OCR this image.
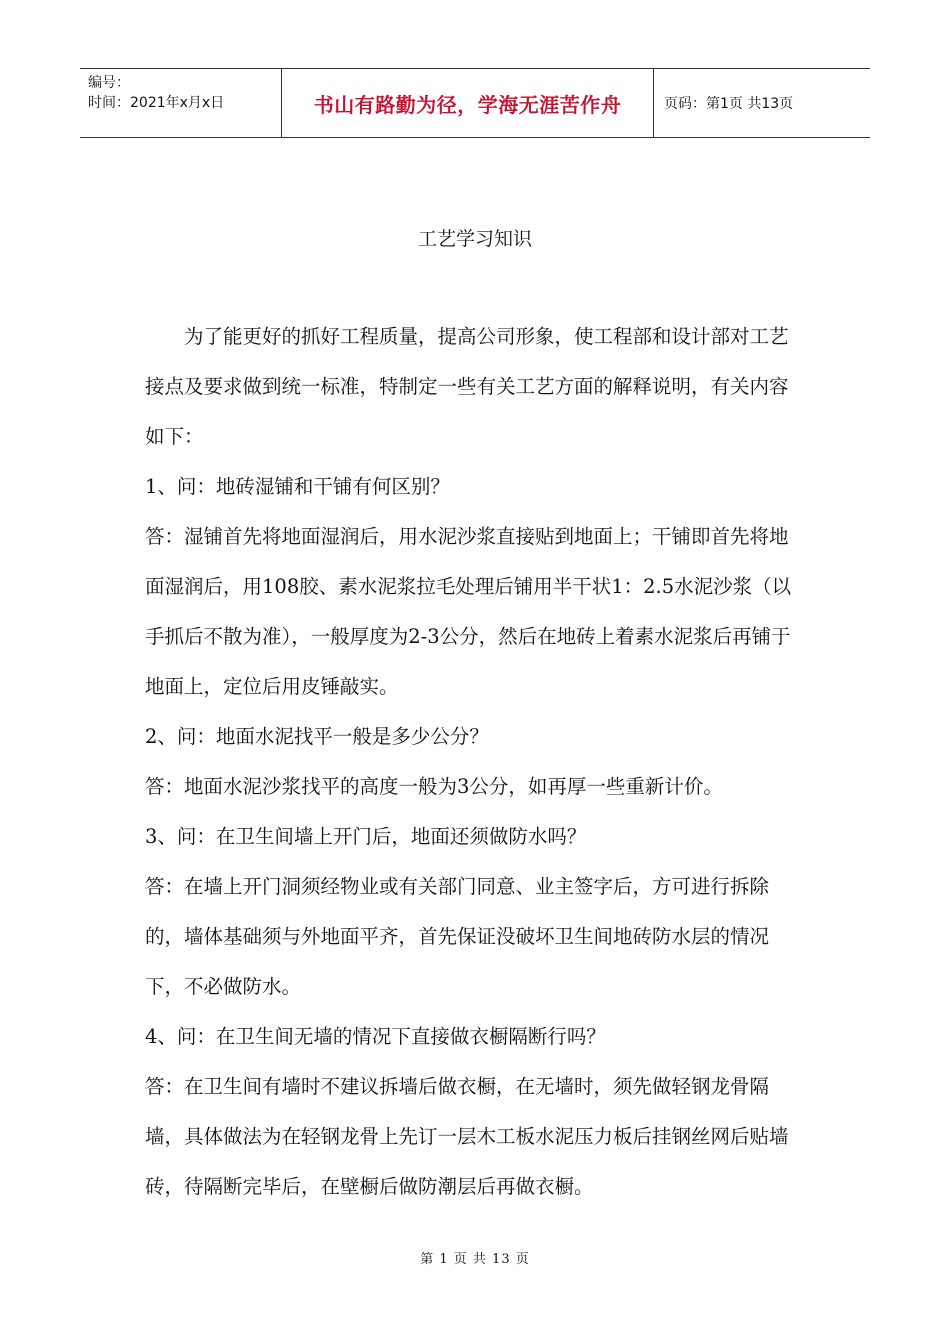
编号：
时间：2021年x月x日	书山有路勤为径，学海无涯苦作舟	页码：第1页 共13页
工艺学习知识

为了能更好的抓好工程质量，提高公司形象，使工程部和设计部对工艺接点及要求做到统一标准，特制定一些有关工艺方面的解释说明，有关内容如下：

1、问：地砖湿铺和干铺有何区别？

答：湿铺首先将地面湿润后，用水泥沙浆直接贴到地面上；干铺即首先将地面湿润后，用108胶、素水泥浆拉毛处理后铺用半干状1：2.5水泥沙浆（以手抓后不散为准），一般厚度为2-3公分，然后在地砖上着素水泥浆后再铺于地面上，定位后用皮锤敲实。

2、问：地面水泥找平一般是多少公分？

答：地面水泥沙浆找平的高度一般为3公分，如再厚一些重新计价。

3、问：在卫生间墙上开门后，地面还须做防水吗？

答：在墙上开门洞须经物业或有关部门同意、业主签字后，方可进行拆除的，墙体基础须与外地面平齐，首先保证没破坏卫生间地砖防水层的情况下，不必做防水。

4、问：在卫生间无墙的情况下直接做衣橱隔断行吗？

答：在卫生间有墙时不建议拆墙后做衣橱，在无墙时，须先做轻钢龙骨隔墙，具体做法为在轻钢龙骨上先订一层木工板水泥压力板后挂钢丝网后贴墙砖，待隔断完毕后，在壁橱后做防潮层后再做衣橱。

第 1 页 共 13 页
